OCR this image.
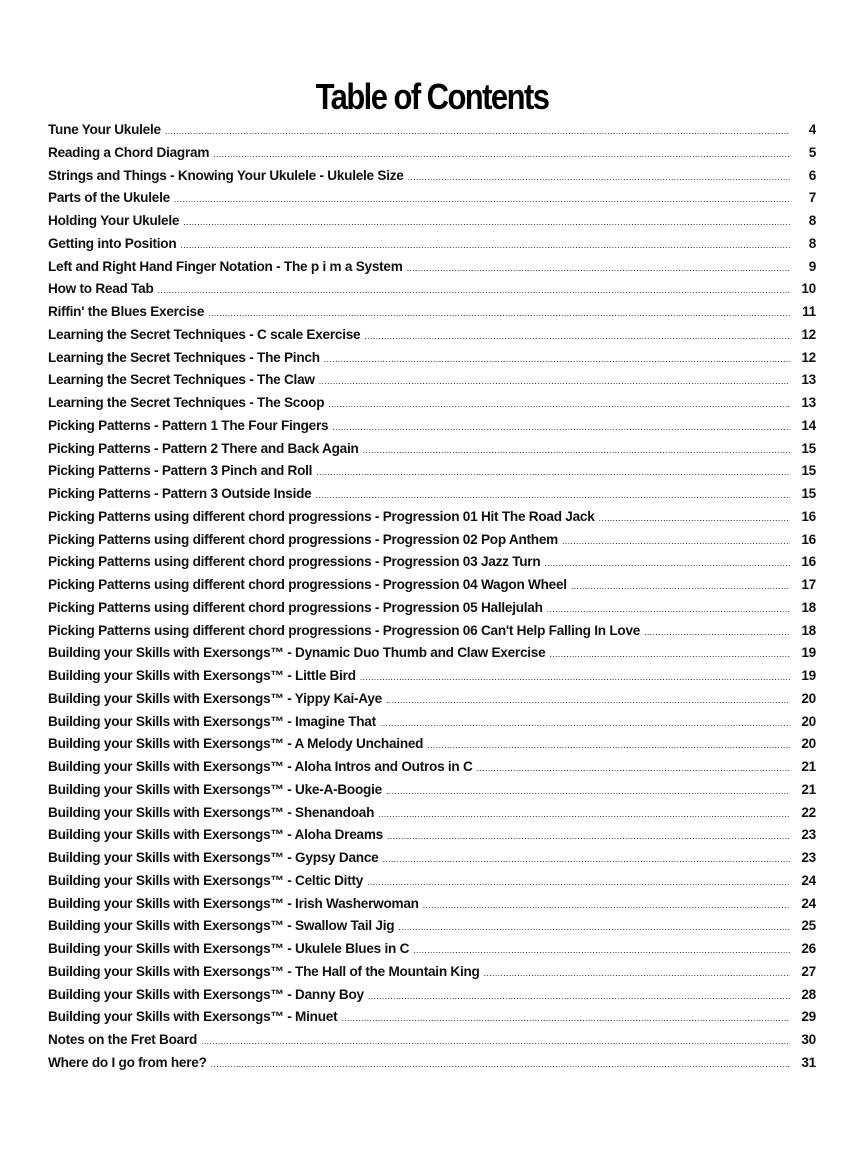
Table of Contents
Tune Your Ukulele .....	4
Reading a Chord Diagram .....	5
Strings and Things - Knowing Your Ukulele - Ukulele Size .....	6
Parts of the Ukulele .....	7
Holding Your Ukulele .....	8
Getting into Position .....	8
Left and Right Hand Finger Notation - The p i m a System .....	9
How to Read Tab .....	10
Riffin' the Blues Exercise .....	11
Learning the Secret Techniques - C scale Exercise .....	12
Learning the Secret Techniques - The Pinch .....	12
Learning the Secret Techniques - The Claw .....	13
Learning the Secret Techniques - The Scoop .....	13
Picking Patterns - Pattern 1 The Four Fingers .....	14
Picking Patterns - Pattern 2 There and Back Again .....	15
Picking Patterns - Pattern 3 Pinch and Roll .....	15
Picking Patterns - Pattern 3 Outside Inside .....	15
Picking Patterns using different chord progressions - Progression 01 Hit The Road Jack .....	16
Picking Patterns using different chord progressions - Progression 02 Pop Anthem .....	16
Picking Patterns using different chord progressions - Progression 03 Jazz Turn .....	16
Picking Patterns using different chord progressions - Progression 04 Wagon Wheel .....	17
Picking Patterns using different chord progressions - Progression 05 Hallejulah .....	18
Picking Patterns using different chord progressions - Progression 06 Can't Help Falling In Love .....	18
Building your Skills with Exersongs™ - Dynamic Duo Thumb and Claw Exercise .....	19
Building your Skills with Exersongs™ - Little Bird .....	19
Building your Skills with Exersongs™ - Yippy Kai-Aye .....	20
Building your Skills with Exersongs™ - Imagine That .....	20
Building your Skills with Exersongs™ - A Melody Unchained .....	20
Building your Skills with Exersongs™ - Aloha Intros and Outros in C .....	21
Building your Skills with Exersongs™ - Uke-A-Boogie .....	21
Building your Skills with Exersongs™ - Shenandoah .....	22
Building your Skills with Exersongs™ - Aloha Dreams .....	23
Building your Skills with Exersongs™ - Gypsy Dance .....	23
Building your Skills with Exersongs™ - Celtic Ditty .....	24
Building your Skills with Exersongs™ - Irish Washerwoman .....	24
Building your Skills with Exersongs™ - Swallow Tail Jig .....	25
Building your Skills with Exersongs™ - Ukulele Blues in C .....	26
Building your Skills with Exersongs™ - The Hall of the Mountain King .....	27
Building your Skills with Exersongs™ - Danny Boy .....	28
Building your Skills with Exersongs™ - Minuet .....	29
Notes on the Fret Board .....	30
Where do I go from here? .....	31
